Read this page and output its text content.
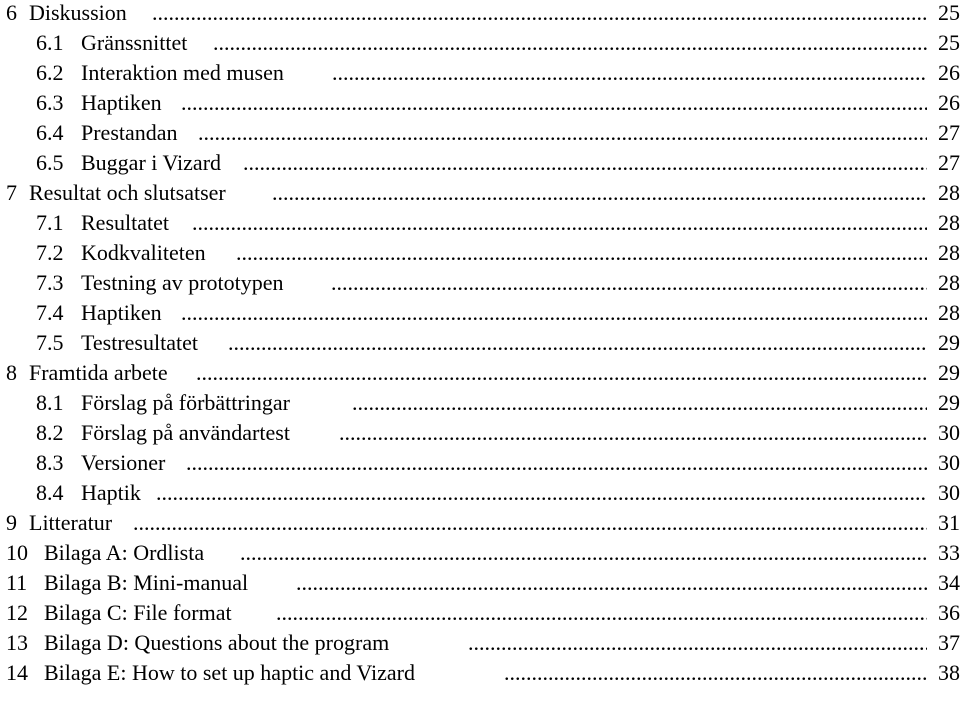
6 Diskussion .....	25
6.1 Gränssnittet .....	25
6.2 Interaktion med musen .....	26
6.3 Haptiken .....	26
6.4 Prestandan .....	27
6.5 Buggar i Vizard .....	27
7 Resultat och slutsatser .....	28
7.1 Resultatet .....	28
7.2 Kodkvaliteten .....	28
7.3 Testning av prototypen .....	28
7.4 Haptiken .....	28
7.5 Testresultatet .....	29
8 Framtida arbete .....	29
8.1 Förslag på förbättringar .....	29
8.2 Förslag på användartest .....	30
8.3 Versioner .....	30
8.4 Haptik .....	30
9 Litteratur .....	31
10 Bilaga A: Ordlista .....	33
11 Bilaga B: Mini-manual .....	34
12 Bilaga C: File format .....	36
13 Bilaga D: Questions about the program .....	37
14 Bilaga E: How to set up haptic and Vizard .....	38
